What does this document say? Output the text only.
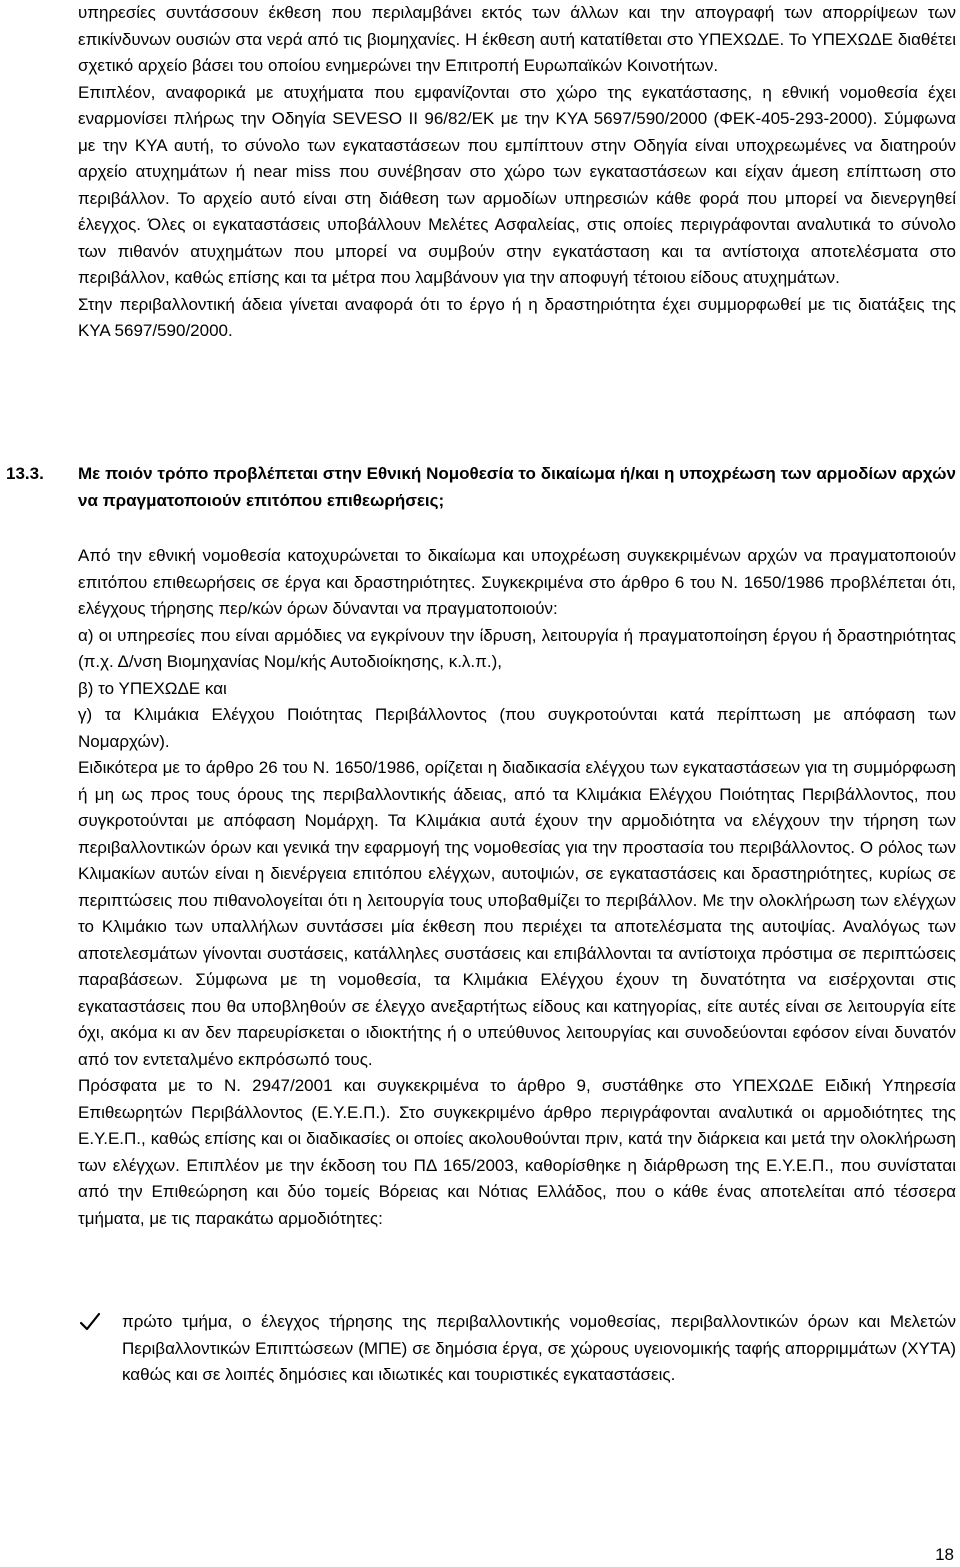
υπηρεσίες συντάσσουν έκθεση που περιλαμβάνει εκτός των άλλων και την απογραφή των απορρίψεων των επικίνδυνων ουσιών στα νερά από τις βιομηχανίες. Η έκθεση αυτή κατατίθεται στο ΥΠΕΧΩΔΕ. Το ΥΠΕΧΩΔΕ διαθέτει σχετικό αρχείο βάσει του οποίου ενημερώνει την Επιτροπή Ευρωπαϊκών Κοινοτήτων.

Επιπλέον, αναφορικά με ατυχήματα που εμφανίζονται στο χώρο της εγκατάστασης, η εθνική νομοθεσία έχει εναρμονίσει πλήρως την Οδηγία SEVESO II 96/82/ΕΚ με την ΚΥΑ 5697/590/2000 (ΦΕΚ-405-293-2000). Σύμφωνα με την ΚΥΑ αυτή, το σύνολο των εγκαταστάσεων που εμπίπτουν στην Οδηγία είναι υποχρεωμένες να διατηρούν αρχείο ατυχημάτων ή near miss που συνέβησαν στο χώρο των εγκαταστάσεων και είχαν άμεση επίπτωση στο περιβάλλον. Το αρχείο αυτό είναι στη διάθεση των αρμοδίων υπηρεσιών κάθε φορά που μπορεί να διενεργηθεί έλεγχος. Όλες οι εγκαταστάσεις υποβάλλουν Μελέτες Ασφαλείας, στις οποίες περιγράφονται αναλυτικά το σύνολο των πιθανόν ατυχημάτων που μπορεί να συμβούν στην εγκατάσταση και τα αντίστοιχα αποτελέσματα στο περιβάλλον, καθώς επίσης και τα μέτρα που λαμβάνουν για την αποφυγή τέτοιου είδους ατυχημάτων.

Στην περιβαλλοντική άδεια γίνεται αναφορά ότι το έργο ή η δραστηριότητα έχει συμμορφωθεί με τις διατάξεις της ΚΥΑ 5697/590/2000.

13.3. Με ποιόν τρόπο προβλέπεται στην Εθνική Νομοθεσία το δικαίωμα ή/και η υποχρέωση των αρμοδίων αρχών να πραγματοποιούν επιτόπου επιθεωρήσεις;

Από την εθνική νομοθεσία κατοχυρώνεται το δικαίωμα και υποχρέωση συγκεκριμένων αρχών να πραγματοποιούν επιτόπου επιθεωρήσεις σε έργα και δραστηριότητες. Συγκεκριμένα στο άρθρο 6 του Ν. 1650/1986 προβλέπεται ότι, ελέγχους τήρησης περ/κών όρων δύνανται να πραγματοποιούν:

α) οι υπηρεσίες που είναι αρμόδιες να εγκρίνουν την ίδρυση, λειτουργία ή πραγματοποίηση έργου ή δραστηριότητας (π.χ. Δ/νση Βιομηχανίας Νομ/κής Αυτοδιοίκησης, κ.λ.π.),

β) το ΥΠΕΧΩΔΕ και

γ) τα Κλιμάκια Ελέγχου Ποιότητας Περιβάλλοντος (που συγκροτούνται κατά περίπτωση με απόφαση των Νομαρχών).

Ειδικότερα με το άρθρο 26 του Ν. 1650/1986, ορίζεται η διαδικασία ελέγχου των εγκαταστάσεων για τη συμμόρφωση ή μη ως προς τους όρους της περιβαλλοντικής άδειας, από τα Κλιμάκια Ελέγχου Ποιότητας Περιβάλλοντος, που συγκροτούνται με απόφαση Νομάρχη. Τα Κλιμάκια αυτά έχουν την αρμοδιότητα να ελέγχουν την τήρηση των περιβαλλοντικών όρων και γενικά την εφαρμογή της νομοθεσίας για την προστασία του περιβάλλοντος. Ο ρόλος των Κλιμακίων αυτών είναι η διενέργεια επιτόπου ελέγχων, αυτοψιών, σε εγκαταστάσεις και δραστηριότητες, κυρίως σε περιπτώσεις που πιθανολογείται ότι η λειτουργία τους υποβαθμίζει το περιβάλλον. Με την ολοκλήρωση των ελέγχων το Κλιμάκιο των υπαλλήλων συντάσσει μία έκθεση που περιέχει τα αποτελέσματα της αυτοψίας. Αναλόγως των αποτελεσμάτων γίνονται συστάσεις, κατάλληλες συστάσεις και επιβάλλονται τα αντίστοιχα πρόστιμα σε περιπτώσεις παραβάσεων. Σύμφωνα με τη νομοθεσία, τα Κλιμάκια Ελέγχου έχουν τη δυνατότητα να εισέρχονται στις εγκαταστάσεις που θα υποβληθούν σε έλεγχο ανεξαρτήτως είδους και κατηγορίας, είτε αυτές είναι σε λειτουργία είτε όχι, ακόμα κι αν δεν παρευρίσκεται ο ιδιοκτήτης ή ο υπεύθυνος λειτουργίας και συνοδεύονται εφόσον είναι δυνατόν από τον εντεταλμένο εκπρόσωπό τους.

Πρόσφατα με το Ν. 2947/2001 και συγκεκριμένα το άρθρο 9, συστάθηκε στο ΥΠΕΧΩΔΕ Ειδική Υπηρεσία Επιθεωρητών Περιβάλλοντος (Ε.Υ.Ε.Π.). Στο συγκεκριμένο άρθρο περιγράφονται αναλυτικά οι αρμοδιότητες της Ε.Υ.Ε.Π., καθώς επίσης και οι διαδικασίες οι οποίες ακολουθούνται πριν, κατά την διάρκεια και μετά την ολοκλήρωση των ελέγχων. Επιπλέον με την έκδοση του ΠΔ 165/2003, καθορίσθηκε η διάρθρωση της Ε.Υ.Ε.Π., που συνίσταται από την Επιθεώρηση και δύο τομείς Βόρειας και Νότιας Ελλάδος, που ο κάθε ένας αποτελείται από τέσσερα τμήματα, με τις παρακάτω αρμοδιότητες:

πρώτο τμήμα, ο έλεγχος τήρησης της περιβαλλοντικής νομοθεσίας, περιβαλλοντικών όρων και Μελετών Περιβαλλοντικών Επιπτώσεων (ΜΠΕ) σε δημόσια έργα, σε χώρους υγειονομικής ταφής απορριμμάτων (ΧΥΤΑ) καθώς και σε λοιπές δημόσιες και ιδιωτικές και τουριστικές εγκαταστάσεις.
18
